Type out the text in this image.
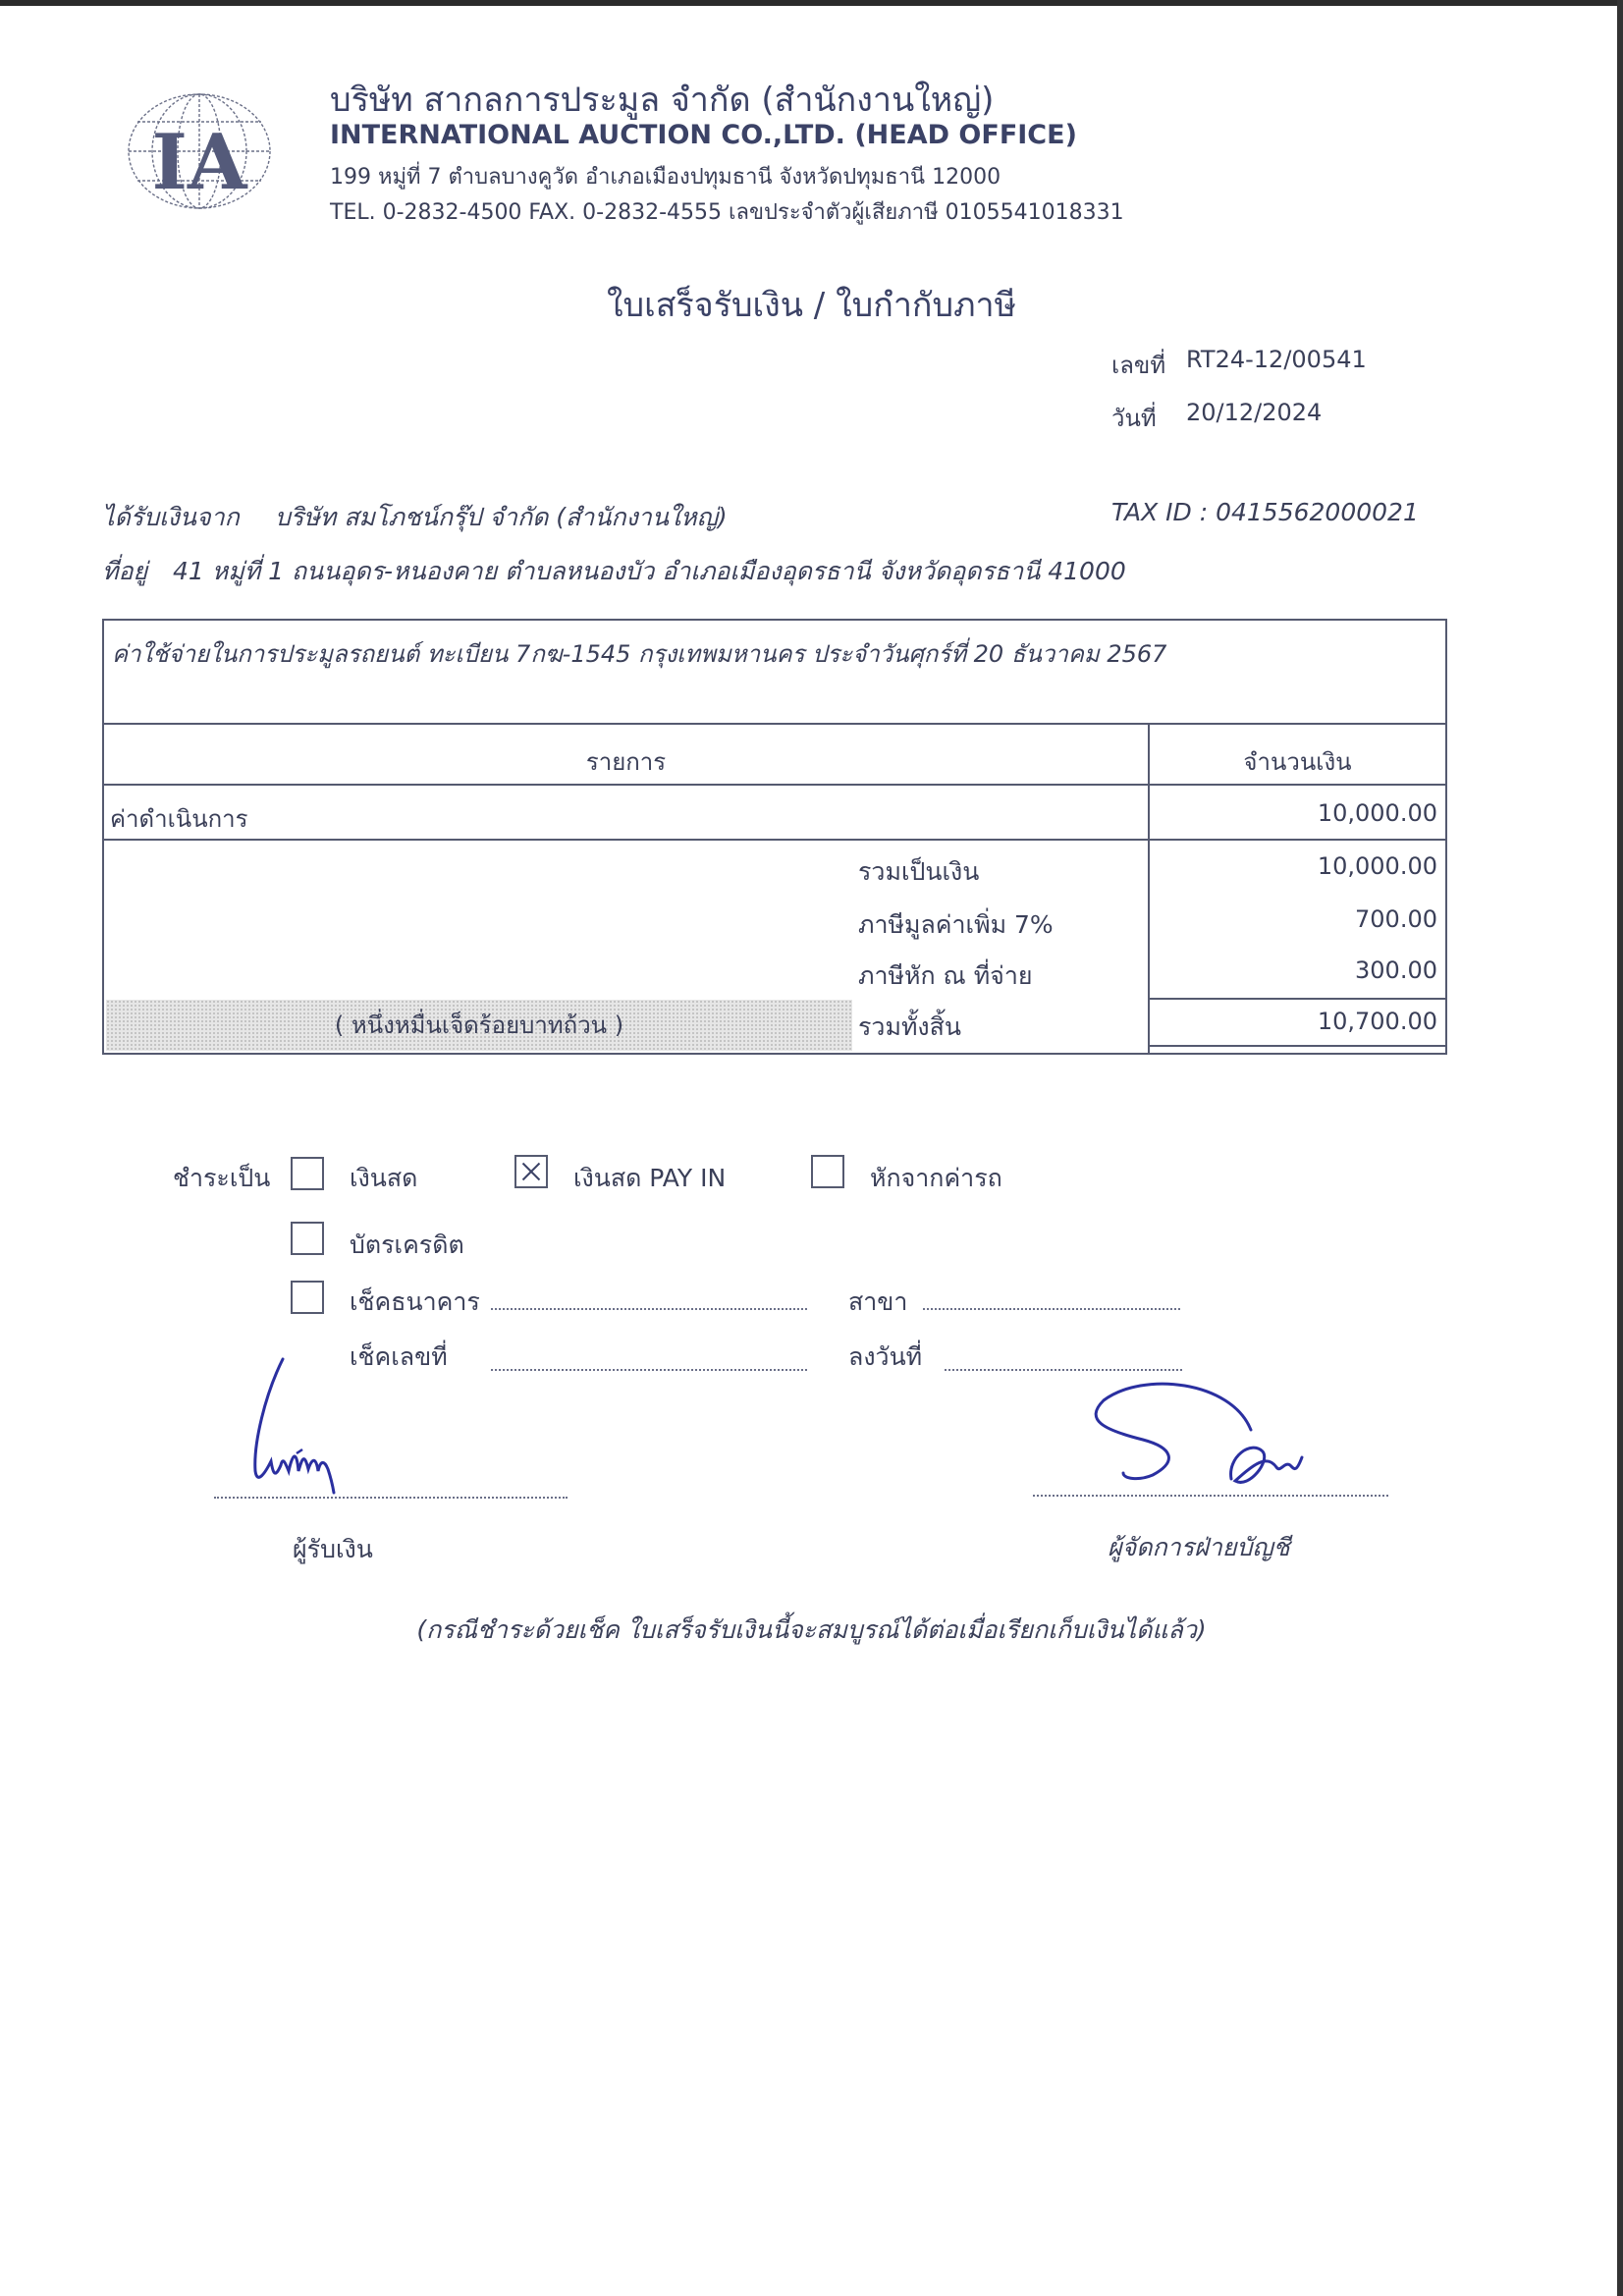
IA
บริษัท สากลการประมูล จำกัด (สำนักงานใหญ่)
INTERNATIONAL AUCTION CO.,LTD. (HEAD OFFICE)
199 หมู่ที่ 7 ตำบลบางคูวัด อำเภอเมืองปทุมธานี จังหวัดปทุมธานี 12000
TEL. 0-2832-4500 FAX. 0-2832-4555 เลขประจำตัวผู้เสียภาษี 0105541018331
ใบเสร็จรับเงิน / ใบกำกับภาษี
เลขที่ RT24-12/00541
วันที่ 20/12/2024
ได้รับเงินจาก บริษัท สมโภชน์กรุ๊ป จำกัด (สำนักงานใหญ่)	TAX ID : 0415562000021
ที่อยู่ 41 หมู่ที่ 1 ถนนอุดร-หนองคาย ตำบลหนองบัว อำเภอเมืองอุดรธานี จังหวัดอุดรธานี 41000
ค่าใช้จ่ายในการประมูลรถยนต์ ทะเบียน 7กฆ-1545 กรุงเทพมหานคร ประจำวันศุกร์ที่ 20 ธันวาคม 2567
รายการ	จำนวนเงิน
ค่าดำเนินการ	10,000.00
รวมเป็นเงิน	10,000.00
ภาษีมูลค่าเพิ่ม 7%	700.00
ภาษีหัก ณ ที่จ่าย	300.00
( หนึ่งหมื่นเจ็ดร้อยบาทถ้วน )	รวมทั้งสิ้น	10,700.00
ชำระเป็น	เงินสด	เงินสด PAY IN	หักจากค่ารถ
บัตรเครดิต
เช็คธนาคาร	สาขา
เช็คเลขที่	ลงวันที่
ผู้รับเงิน	ผู้จัดการฝ่ายบัญชี
(กรณีชำระด้วยเช็ค ใบเสร็จรับเงินนี้จะสมบูรณ์ได้ต่อเมื่อเรียกเก็บเงินได้แล้ว)
